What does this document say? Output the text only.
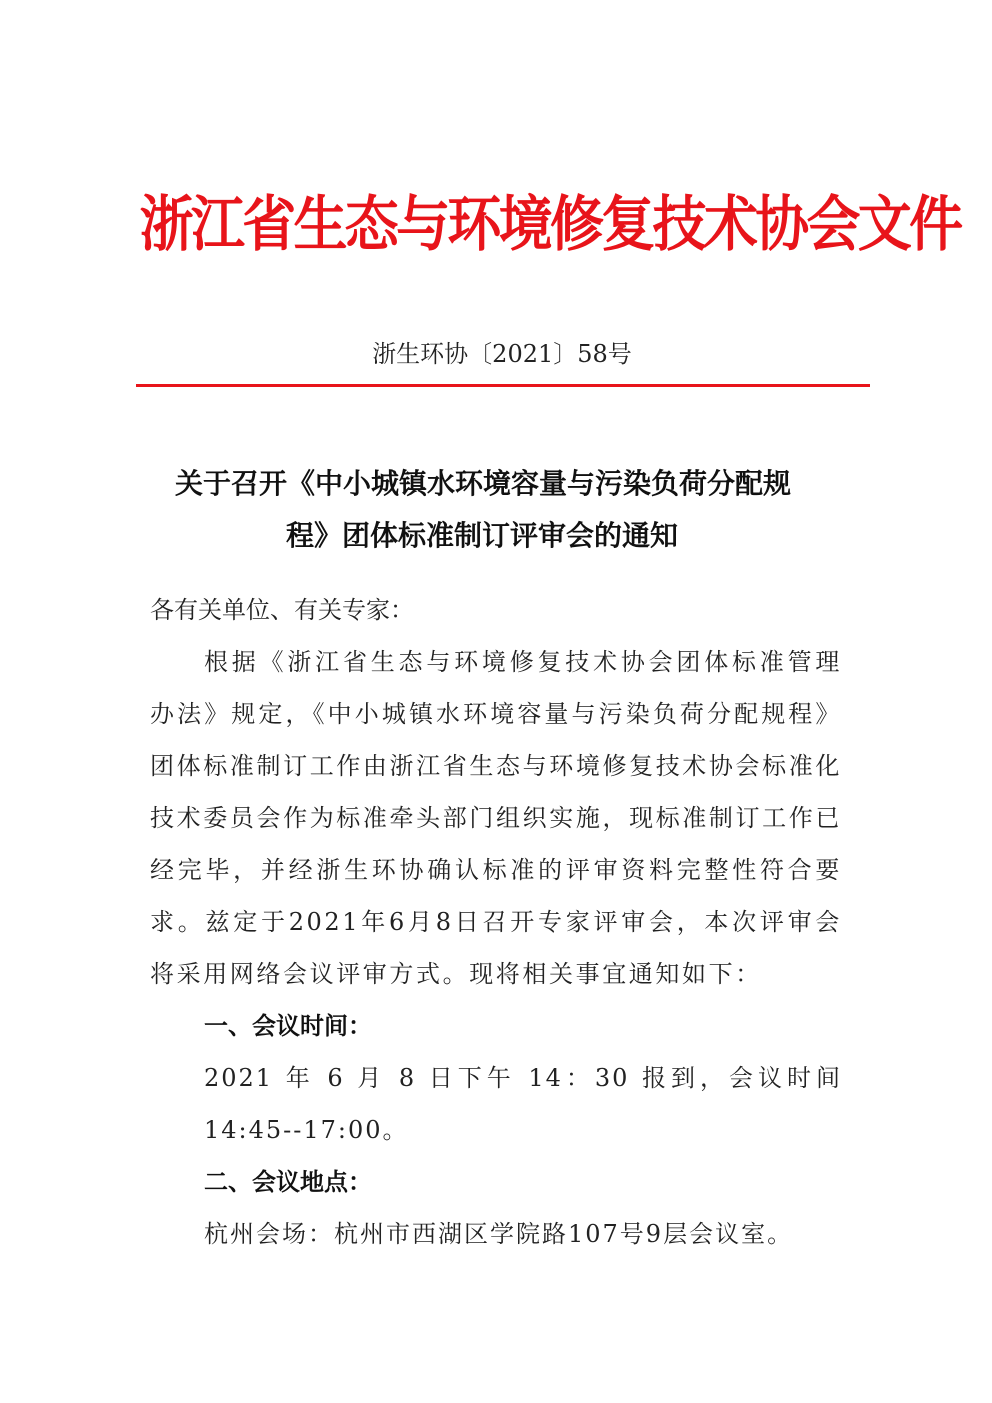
浙江省生态与环境修复技术协会文件
浙生环协〔2021〕58号
关于召开《中小城镇水环境容量与污染负荷分配规
程》团体标准制订评审会的通知
各有关单位、有关专家：
根据《浙江省生态与环境修复技术协会团体标准管理办法》规定，《中小城镇水环境容量与污染负荷分配规程》团体标准制订工作由浙江省生态与环境修复技术协会标准化技术委员会作为标准牵头部门组织实施，现标准制订工作已经完毕，并经浙生环协确认标准的评审资料完整性符合要求。兹定于2021年6月8日召开专家评审会，本次评审会将采用网络会议评审方式。现将相关事宜通知如下：
一、会议时间：
2021 年 6 月 8 日下午 14：30 报到，会议时间
14:45--17:00。
二、会议地点：
杭州会场：杭州市西湖区学院路107号9层会议室。
